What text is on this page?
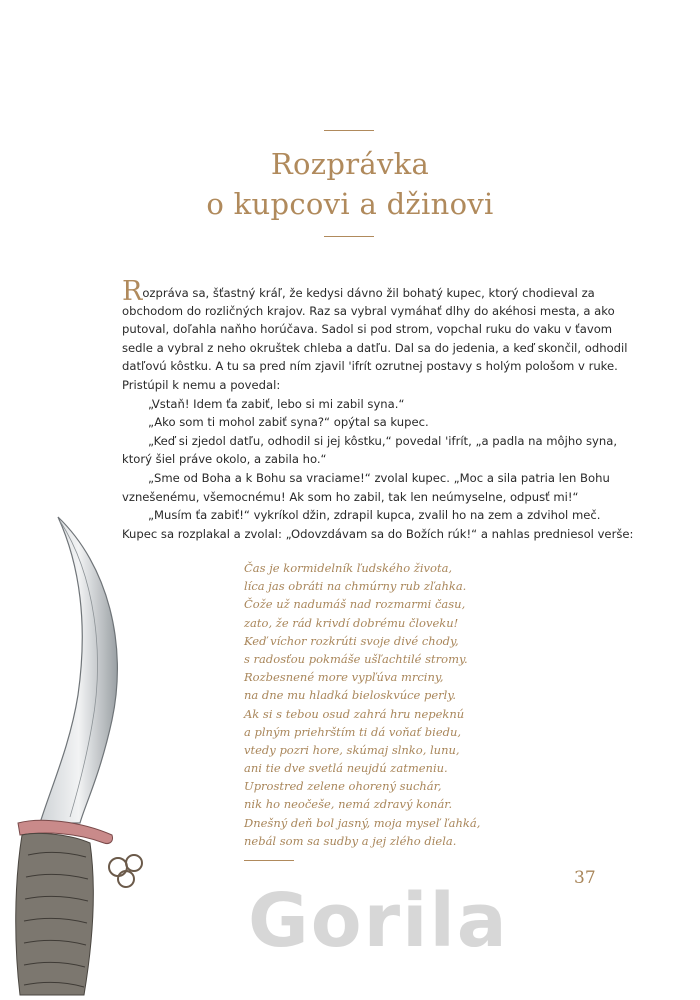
Rozprávka
o kupcovi a džinovi
Rozpráva sa, šťastný kráľ, že kedysi dávno žil bohatý kupec, ktorý chodieval za
obchodom do rozličných krajov. Raz sa vybral vymáhať dlhy do akéhosi mesta, a ako
putoval, doľahla naňho horúčava. Sadol si pod strom, vopchal ruku do vaku v ťavom
sedle a vybral z neho okruštek chleba a datľu. Dal sa do jedenia, a keď skončil, odhodil
datľovú kôstku. A tu sa pred ním zjavil 'ifrít ozrutnej postavy s holým pološom v ruke.
Pristúpil k nemu a povedal:
„Vstaň! Idem ťa zabiť, lebo si mi zabil syna.“
„Ako som ti mohol zabiť syna?“ opýtal sa kupec.
„Keď si zjedol datľu, odhodil si jej kôstku,“ povedal 'ifrít, „a padla na môjho syna,
ktorý šiel práve okolo, a zabila ho.“
„Sme od Boha a k Bohu sa vraciame!“ zvolal kupec. „Moc a sila patria len Bohu
vznešenému, všemocnému! Ak som ho zabil, tak len neúmyselne, odpusť mi!“
„Musím ťa zabiť!“ vykríkol džin, zdrapil kupca, zvalil ho na zem a zdvihol meč.
Kupec sa rozplakal a zvolal: „Odovzdávam sa do Božích rúk!“ a nahlas predniesol verše:
Čas je kormidelník ľudského života,
líca jas obráti na chmúrny rub zľahka.
Čože už nadumáš nad rozmarmi času,
zato, že rád krivdí dobrému človeku!
Keď víchor rozkrúti svoje divé chody,
s radosťou pokmáše ušľachtilé stromy.
Rozbesnené more vypľúva mrciny,
na dne mu hladká bieloskvúce perly.
Ak si s tebou osud zahrá hru nepeknú
a plným priehrštím ti dá voňať biedu,
vtedy pozri hore, skúmaj slnko, lunu,
ani tie dve svetlá neujdú zatmeniu.
Uprostred zelene ohorený suchár,
nik ho neočeše, nemá zdravý konár.
Dnešný deň bol jasný, moja myseľ ľahká,
nebál som sa sudby a jej zlého diela.
Gorila	37
